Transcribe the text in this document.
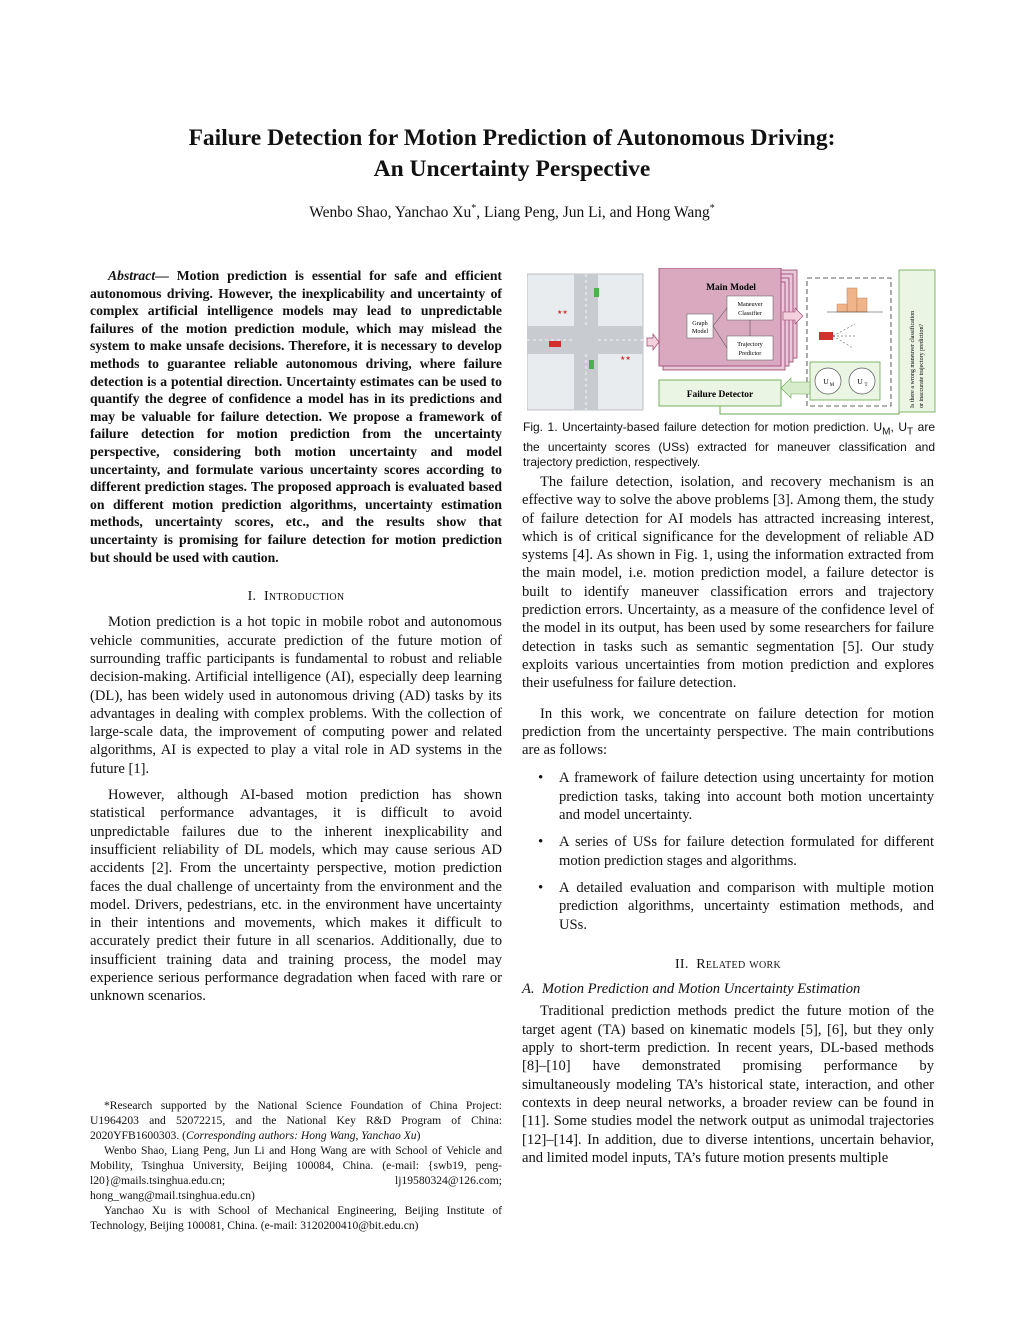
Failure Detection for Motion Prediction of Autonomous Driving:
An Uncertainty Perspective
Wenbo Shao, Yanchao Xu*, Liang Peng, Jun Li, and Hong Wang*

Abstract— Motion prediction is essential for safe and efficient autonomous driving. However, the inexplicability and uncertainty of complex artificial intelligence models may lead to unpredictable failures of the motion prediction module, which may mislead the system to make unsafe decisions. Therefore, it is necessary to develop methods to guarantee reliable autonomous driving, where failure detection is a potential direction. Uncertainty estimates can be used to quantify the degree of confidence a model has in its predictions and may be valuable for failure detection. We propose a framework of failure detection for motion prediction from the uncertainty perspective, considering both motion uncertainty and model uncertainty, and formulate various uncertainty scores according to different prediction stages. The proposed approach is evaluated based on different motion prediction algorithms, uncertainty estimation methods, uncertainty scores, etc., and the results show that uncertainty is promising for failure detection for motion prediction but should be used with caution.

I. Introduction

Motion prediction is a hot topic in mobile robot and autonomous vehicle communities, accurate prediction of the future motion of surrounding traffic participants is fundamental to robust and reliable decision-making. Artificial intelligence (AI), especially deep learning (DL), has been widely used in autonomous driving (AD) tasks by its advantages in dealing with complex problems. With the collection of large-scale data, the improvement of computing power and related algorithms, AI is expected to play a vital role in AD systems in the future [1].

However, although AI-based motion prediction has shown statistical performance advantages, it is difficult to avoid unpredictable failures due to the inherent inexplicability and insufficient reliability of DL models, which may cause serious AD accidents [2]. From the uncertainty perspective, motion prediction faces the dual challenge of uncertainty from the environment and the model. Drivers, pedestrians, etc. in the environment have uncertainty in their intentions and movements, which makes it difficult to accurately predict their future in all scenarios. Additionally, due to insufficient training data and training process, the model may experience serious performance degradation when faced with rare or unknown scenarios.

*Research supported by the National Science Foundation of China Project: U1964203 and 52072215, and the National Key R&D Program of China: 2020YFB1600303. (Corresponding authors: Hong Wang, Yanchao Xu)

Wenbo Shao, Liang Peng, Jun Li and Hong Wang are with School of Vehicle and Mobility, Tsinghua University, Beijing 100084, China. (e-mail: {swb19, peng-l20}@mails.tsinghua.edu.cn; lj19580324@126.com; hong_wang@mail.tsinghua.edu.cn)

Yanchao Xu is with School of Mechanical Engineering, Beijing Institute of Technology, Beijing 100081, China. (e-mail: 3120200410@bit.edu.cn)

★★
★★
Main Model
Graph
Model
Maneuver
Classifier
Trajectory
Predictor
U M	U T
Failure Detector	Is there a wrong maneuver classification or inaccurate trajectory prediction?
Fig. 1. Uncertainty-based failure detection for motion prediction. $U_M$, $U_T$ are the uncertainty scores (USs) extracted for maneuver classification and trajectory prediction, respectively.

The failure detection, isolation, and recovery mechanism is an effective way to solve the above problems [3]. Among them, the study of failure detection for AI models has attracted increasing interest, which is of critical significance for the development of reliable AD systems [4]. As shown in Fig. 1, using the information extracted from the main model, i.e. motion prediction model, a failure detector is built to identify maneuver classification errors and trajectory prediction errors. Uncertainty, as a measure of the confidence level of the model in its output, has been used by some researchers for failure detection in tasks such as semantic segmentation [5]. Our study exploits various uncertainties from motion prediction and explores their usefulness for failure detection.

In this work, we concentrate on failure detection for motion prediction from the uncertainty perspective. The main contributions are as follows:

• A framework of failure detection using uncertainty for motion prediction tasks, taking into account both motion uncertainty and model uncertainty.
• A series of USs for failure detection formulated for different motion prediction stages and algorithms.
• A detailed evaluation and comparison with multiple motion prediction algorithms, uncertainty estimation methods, and USs.

II. Related work

A. Motion Prediction and Motion Uncertainty Estimation

Traditional prediction methods predict the future motion of the target agent (TA) based on kinematic models [5], [6], but they only apply to short-term prediction. In recent years, DL-based methods [8]–[10] have demonstrated promising performance by simultaneously modeling TA’s historical state, interaction, and other contexts in deep neural networks, a broader review can be found in [11]. Some studies model the network output as unimodal trajectories [12]–[14]. In addition, due to diverse intentions, uncertain behavior, and limited model inputs, TA’s future motion presents multiple
